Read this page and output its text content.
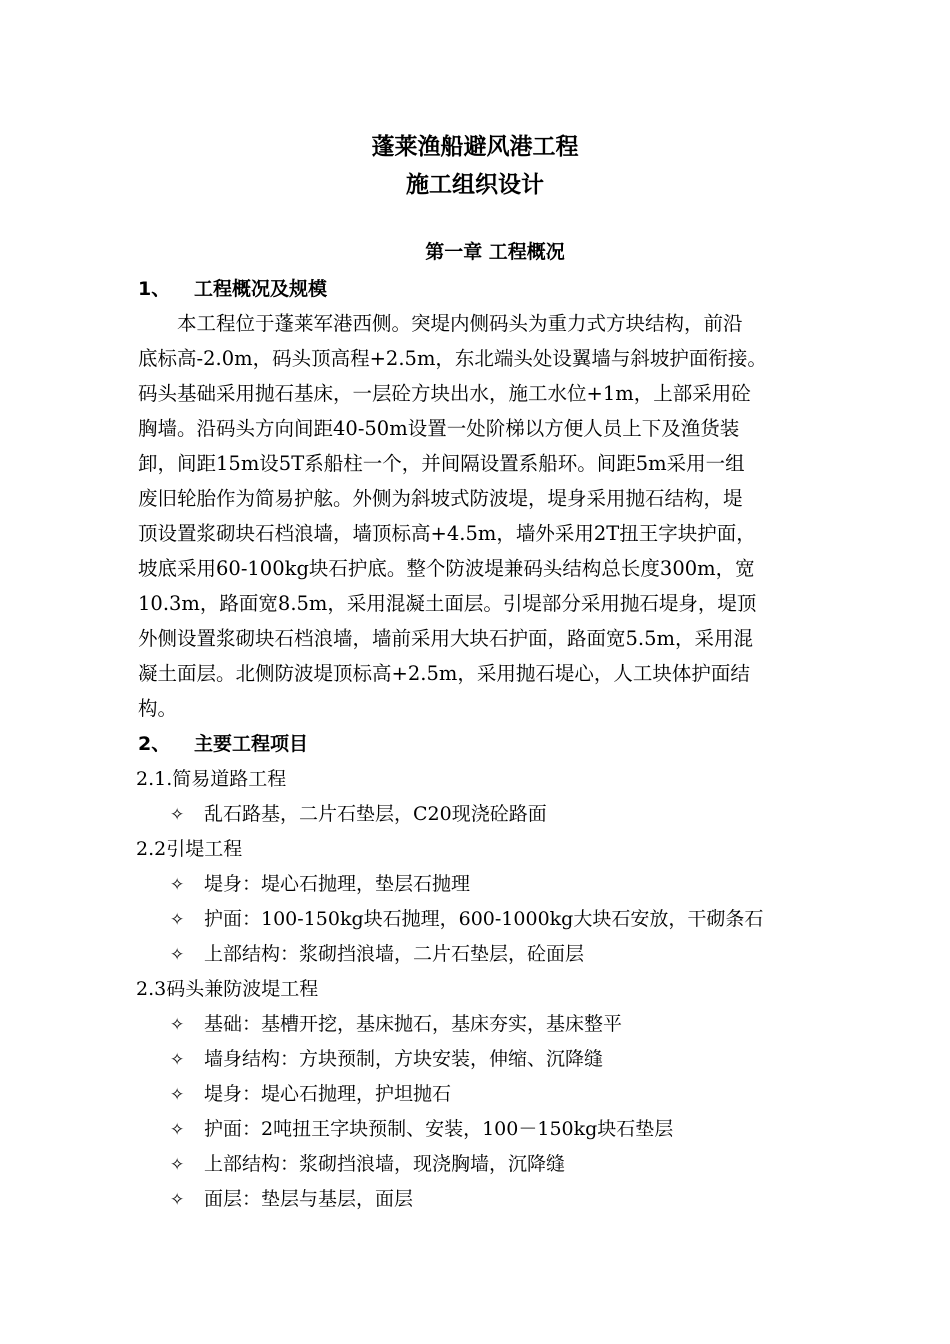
蓬莱渔船避风港工程
施工组织设计
第一章 工程概况
1、 工程概况及规模
　　本工程位于蓬莱军港西侧。突堤内侧码头为重力式方块结构，前沿
底标高-2.0m，码头顶高程+2.5m，东北端头处设翼墙与斜坡护面衔接。
码头基础采用抛石基床，一层砼方块出水，施工水位+1m，上部采用砼
胸墙。沿码头方向间距40-50m设置一处阶梯以方便人员上下及渔货装
卸，间距15m设5T系船柱一个，并间隔设置系船环。间距5m采用一组
废旧轮胎作为简易护舷。外侧为斜坡式防波堤，堤身采用抛石结构，堤
顶设置浆砌块石档浪墙，墙顶标高+4.5m，墙外采用2T扭王字块护面，
坡底采用60-100kg块石护底。整个防波堤兼码头结构总长度300m，宽
10.3m，路面宽8.5m，采用混凝土面层。引堤部分采用抛石堤身，堤顶
外侧设置浆砌块石档浪墙，墙前采用大块石护面，路面宽5.5m，采用混
凝土面层。北侧防波堤顶标高+2.5m，采用抛石堤心，人工块体护面结
构。
2、 主要工程项目
2.1.简易道路工程
✧ 乱石路基，二片石垫层，C20现浇砼路面
2.2引堤工程
✧ 堤身：堤心石抛理，垫层石抛理
✧ 护面：100-150kg块石抛理，600-1000kg大块石安放，干砌条石
✧ 上部结构：浆砌挡浪墙，二片石垫层，砼面层
2.3码头兼防波堤工程
✧ 基础：基槽开挖，基床抛石，基床夯实，基床整平
✧ 墙身结构：方块预制，方块安装，伸缩、沉降缝
✧ 堤身：堤心石抛理，护坦抛石
✧ 护面：2吨扭王字块预制、安装，100－150kg块石垫层
✧ 上部结构：浆砌挡浪墙，现浇胸墙，沉降缝
✧ 面层：垫层与基层，面层
